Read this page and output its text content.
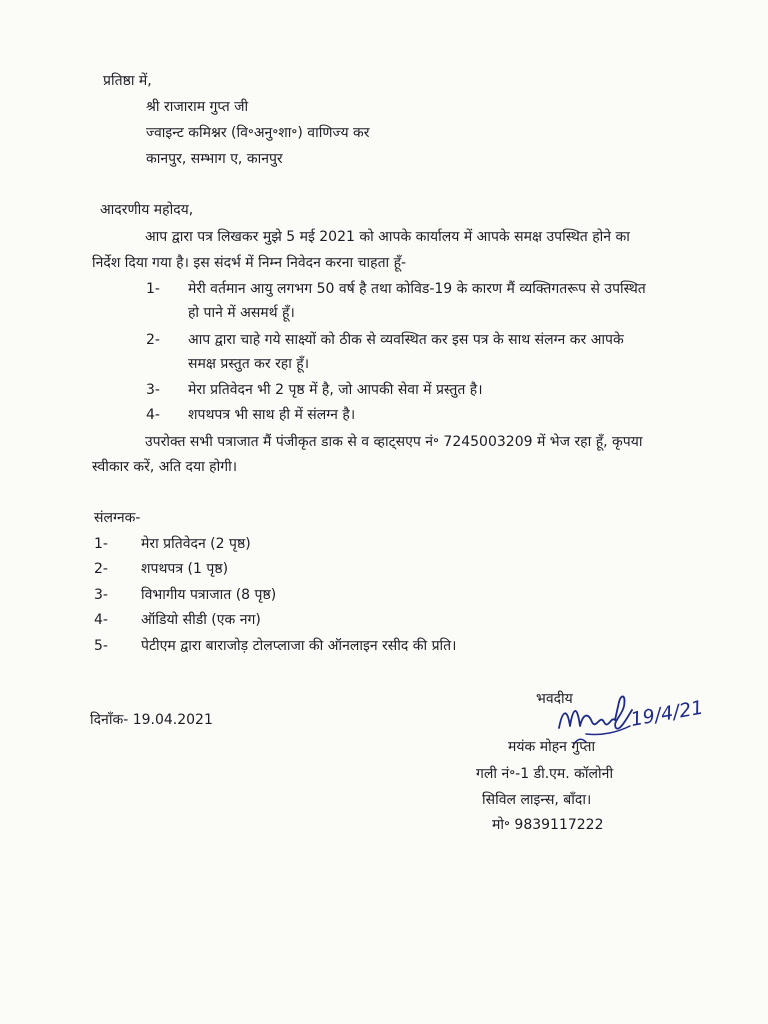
प्रतिष्ठा में,
श्री राजाराम गुप्त जी
ज्वाइन्ट कमिश्नर (वि॰अनु॰शा॰) वाणिज्य कर
कानपुर, सम्भाग ए, कानपुर
आदरणीय महोदय,
आप द्वारा पत्र लिखकर मुझे 5 मई 2021 को आपके कार्यालय में आपके समक्ष उपस्थित होने का
निर्देश दिया गया है। इस संदर्भ में निम्न निवेदन करना चाहता हूँ-
1- मेरी वर्तमान आयु लगभग 50 वर्ष है तथा कोविड-19 के कारण मैं व्यक्तिगतरूप से उपस्थित
हो पाने में असमर्थ हूँ।
2- आप द्वारा चाहे गये साक्ष्यों को ठीक से व्यवस्थित कर इस पत्र के साथ संलग्न कर आपके
समक्ष प्रस्तुत कर रहा हूँ।
3- मेरा प्रतिवेदन भी 2 पृष्ठ में है, जो आपकी सेवा में प्रस्तुत है।
4- शपथपत्र भी साथ ही में संलग्न है।
उपरोक्त सभी पत्राजात मैं पंजीकृत डाक से व व्हाट्सएप नं॰ 7245003209 में भेज रहा हूँ, कृपया
स्वीकार करें, अति दया होगी।
संलग्नक-
1- मेरा प्रतिवेदन (2 पृष्ठ)
2- शपथपत्र (1 पृष्ठ)
3- विभागीय पत्राजात (8 पृष्ठ)
4- ऑडियो सीडी (एक नग)
5- पेटीएम द्वारा बाराजोड़ टोलप्लाजा की ऑनलाइन रसीद की प्रति।
दिनाँक- 19.04.2021
भवदीय	19/4/21
मयंक मोहन गुप्ता
गली नं॰-1 डी.एम. कॉलोनी
सिविल लाइन्स, बाँदा।
मो॰ 9839117222
